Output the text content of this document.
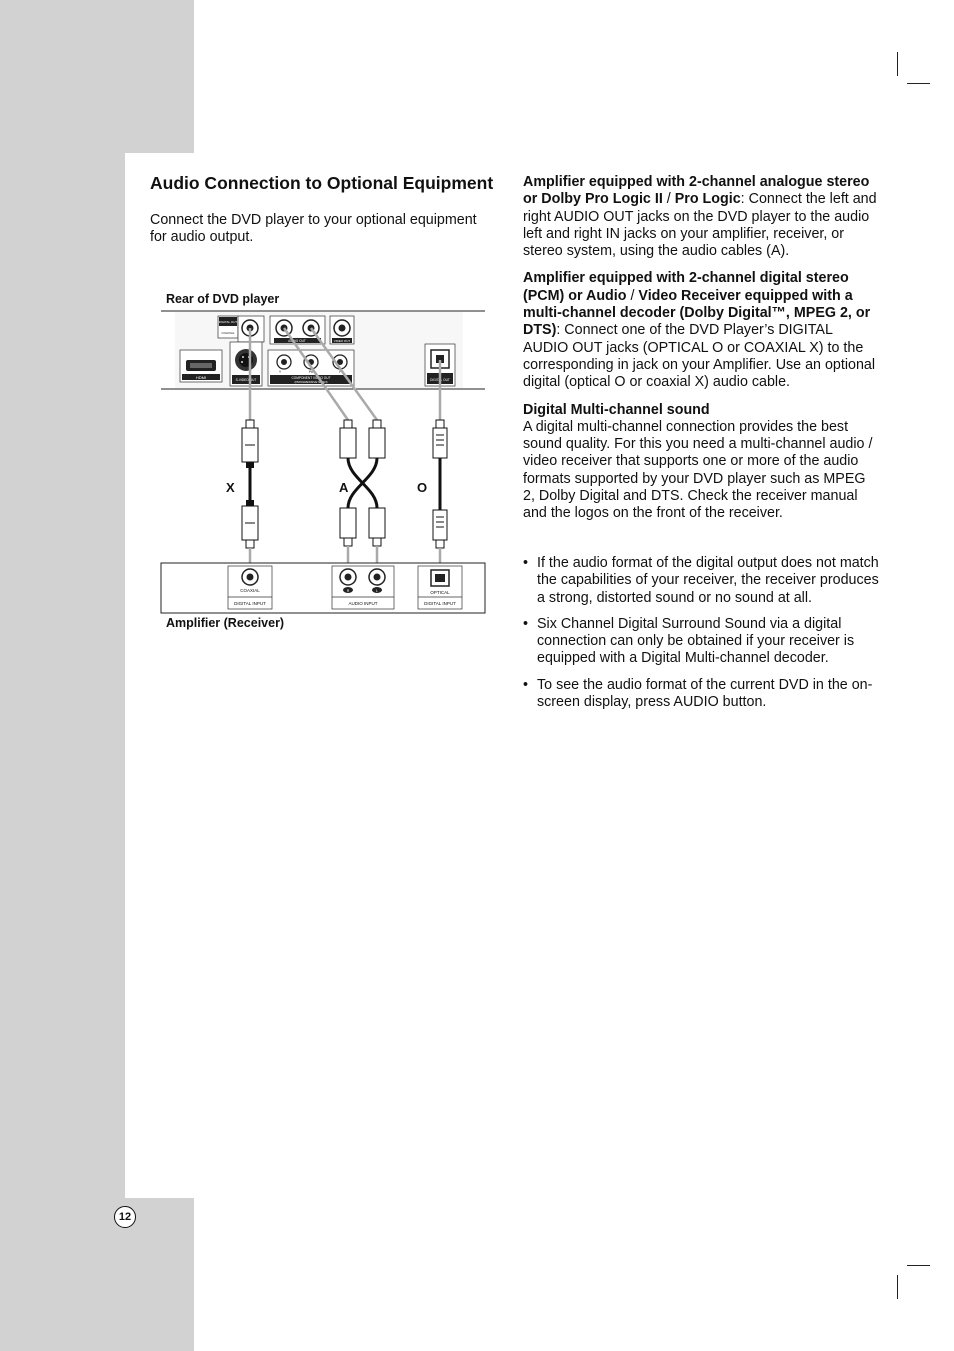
Audio Connection to Optional Equipment

Connect the DVD player to your optional equipment for audio output.

Rear of DVD player
Amplifier (Receiver)
DIGITAL OUT
COAXIAL
AUDIO OUT	VIDEO OUT
HDMI	S-VIDEO OUT
Y	Pb	Pr
COMPONENT VIDEO OUT
(PROGRESSIVE SCAN)	DIGITAL OUT
X	A	O
COAXIAL
DIGITAL INPUT
R	L
AUDIO INPUT
OPTICAL
DIGITAL INPUT

Amplifier equipped with 2-channel analogue stereo or Dolby Pro Logic II / Pro Logic: Connect the left and right AUDIO OUT jacks on the DVD player to the audio left and right IN jacks on your amplifier, receiver, or stereo system, using the audio cables (A).

Amplifier equipped with 2-channel digital stereo (PCM) or Audio / Video Receiver equipped with a multi-channel decoder (Dolby Digital™, MPEG 2, or DTS): Connect one of the DVD Player’s DIGITAL AUDIO OUT jacks (OPTICAL O or COAXIAL X) to the corresponding in jack on your Amplifier. Use an optional digital (optical O or coaxial X) audio cable.

Digital Multi-channel sound
A digital multi-channel connection provides the best sound quality. For this you need a multi-channel audio / video receiver that supports one or more of the audio formats supported by your DVD player such as MPEG 2, Dolby Digital and DTS. Check the receiver manual and the logos on the front of the receiver.

• If the audio format of the digital output does not match the capabilities of your receiver, the receiver produces a strong, distorted sound or no sound at all.
• Six Channel Digital Surround Sound via a digital connection can only be obtained if your receiver is equipped with a Digital Multi-channel decoder.
• To see the audio format of the current DVD in the on-screen display, press AUDIO button.
12
